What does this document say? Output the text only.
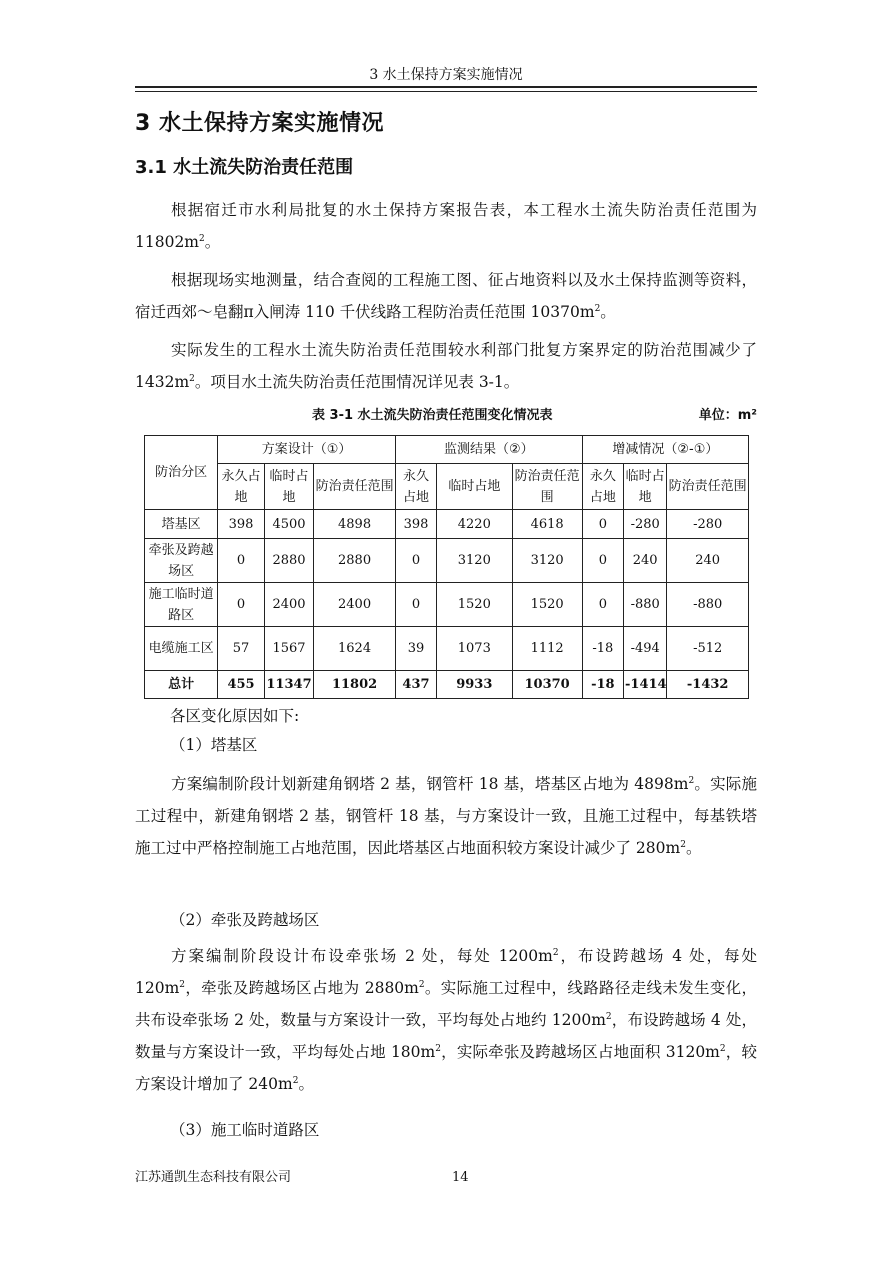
3 水土保持方案实施情况
3 水土保持方案实施情况
3.1 水土流失防治责任范围

根据宿迁市水利局批复的水土保持方案报告表，本工程水土流失防治责任范围为 $11802m^2$。

根据现场实地测量，结合查阅的工程施工图、征占地资料以及水土保持监测等资料，宿迁西郊～皂翻π入闸涛 110 千伏线路工程防治责任范围 $10370m^2$。

实际发生的工程水土流失防治责任范围较水利部门批复方案界定的防治范围减少了 $1432m^2$。项目水土流失防治责任范围情况详见表 3-1。

表 3-1 水土流失防治责任范围变化情况表	单位：m²
防治分区	方案设计（①）			监测结果（②）			增减情况（②-①）		
	永久占地	临时占地	防治责任范围	永久占地	临时占地	防治责任范围	永久占地	临时占地	防治责任范围
塔基区	398	4500	4898	398	4220	4618	0	-280	-280
牵张及跨越场区	0	2880	2880	0	3120	3120	0	240	240
施工临时道路区	0	2400	2400	0	1520	1520	0	-880	-880
电缆施工区	57	1567	1624	39	1073	1112	-18	-494	-512
总计	455	11347	11802	437	9933	10370	-18	-1414	-1432
各区变化原因如下:
（1）塔基区

方案编制阶段计划新建角钢塔 2 基，钢管杆 18 基，塔基区占地为 $4898m^2$。实际施工过程中，新建角钢塔 2 基，钢管杆 18 基，与方案设计一致，且施工过程中，每基铁塔施工过中严格控制施工占地范围，因此塔基区占地面积较方案设计减少了 $280m^2$。

（2）牵张及跨越场区

方案编制阶段设计布设牵张场 2 处，每处 $1200m^2$，布设跨越场 4 处，每处 $120m^2$，牵张及跨越场区占地为 $2880m^2$。实际施工过程中，线路路径走线未发生变化，共布设牵张场 2 处，数量与方案设计一致，平均每处占地约 $1200m^2$，布设跨越场 4 处，数量与方案设计一致，平均每处占地 $180m^2$，实际牵张及跨越场区占地面积 $3120m^2$，较方案设计增加了 $240m^2$。

（3）施工临时道路区
江苏通凯生态科技有限公司	14
